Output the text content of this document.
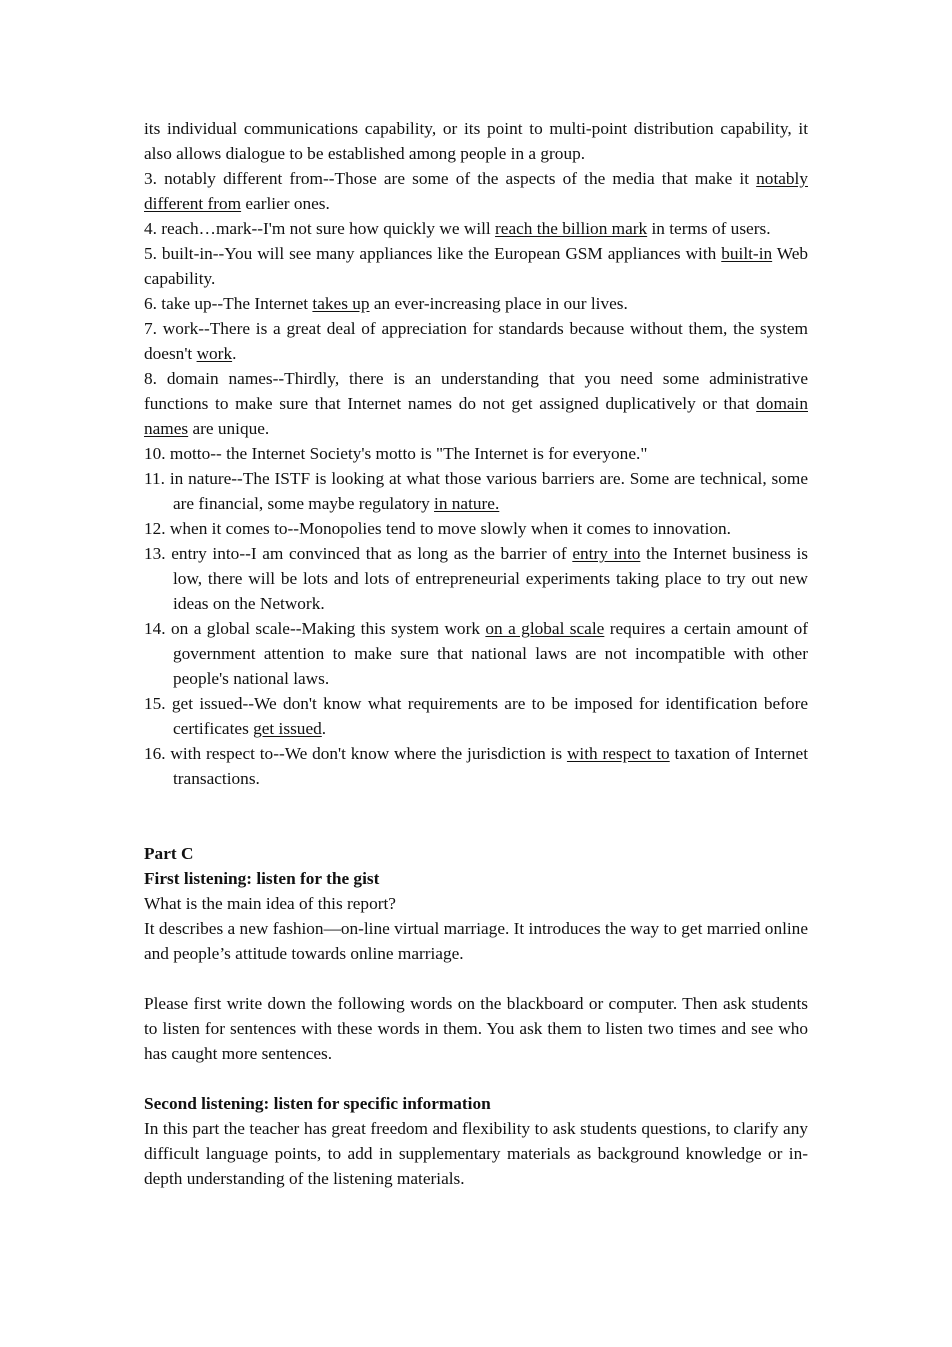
its individual communications capability, or its point to multi-point distribution capability, it also allows dialogue to be established among people in a group.

3. notably different from--Those are some of the aspects of the media that make it notably different from earlier ones.

4. reach…mark--I'm not sure how quickly we will reach the billion mark in terms of users.

5. built-in--You will see many appliances like the European GSM appliances with built-in Web capability.

6. take up--The Internet takes up an ever-increasing place in our lives.

7. work--There is a great deal of appreciation for standards because without them, the system doesn't work.

8. domain names--Thirdly, there is an understanding that you need some administrative functions to make sure that Internet names do not get assigned duplicatively or that domain names are unique.

10. motto-- the Internet Society's motto is "The Internet is for everyone."

11. in nature--The ISTF is looking at what those various barriers are. Some are technical, some are financial, some maybe regulatory in nature.

12. when it comes to--Monopolies tend to move slowly when it comes to innovation.

13. entry into--I am convinced that as long as the barrier of entry into the Internet business is low, there will be lots and lots of entrepreneurial experiments taking place to try out new ideas on the Network.

14. on a global scale--Making this system work on a global scale requires a certain amount of government attention to make sure that national laws are not incompatible with other people's national laws.

15. get issued--We don't know what requirements are to be imposed for identification before certificates get issued.

16. with respect to--We don't know where the jurisdiction is with respect to taxation of Internet transactions.

Part C

First listening: listen for the gist

What is the main idea of this report?

It describes a new fashion—on-line virtual marriage. It introduces the way to get married online and people’s attitude towards online marriage.

Please first write down the following words on the blackboard or computer. Then ask students to listen for sentences with these words in them. You ask them to listen two times and see who has caught more sentences.

Second listening: listen for specific information

In this part the teacher has great freedom and flexibility to ask students questions, to clarify any difficult language points, to add in supplementary materials as background knowledge or in-depth understanding of the listening materials.
